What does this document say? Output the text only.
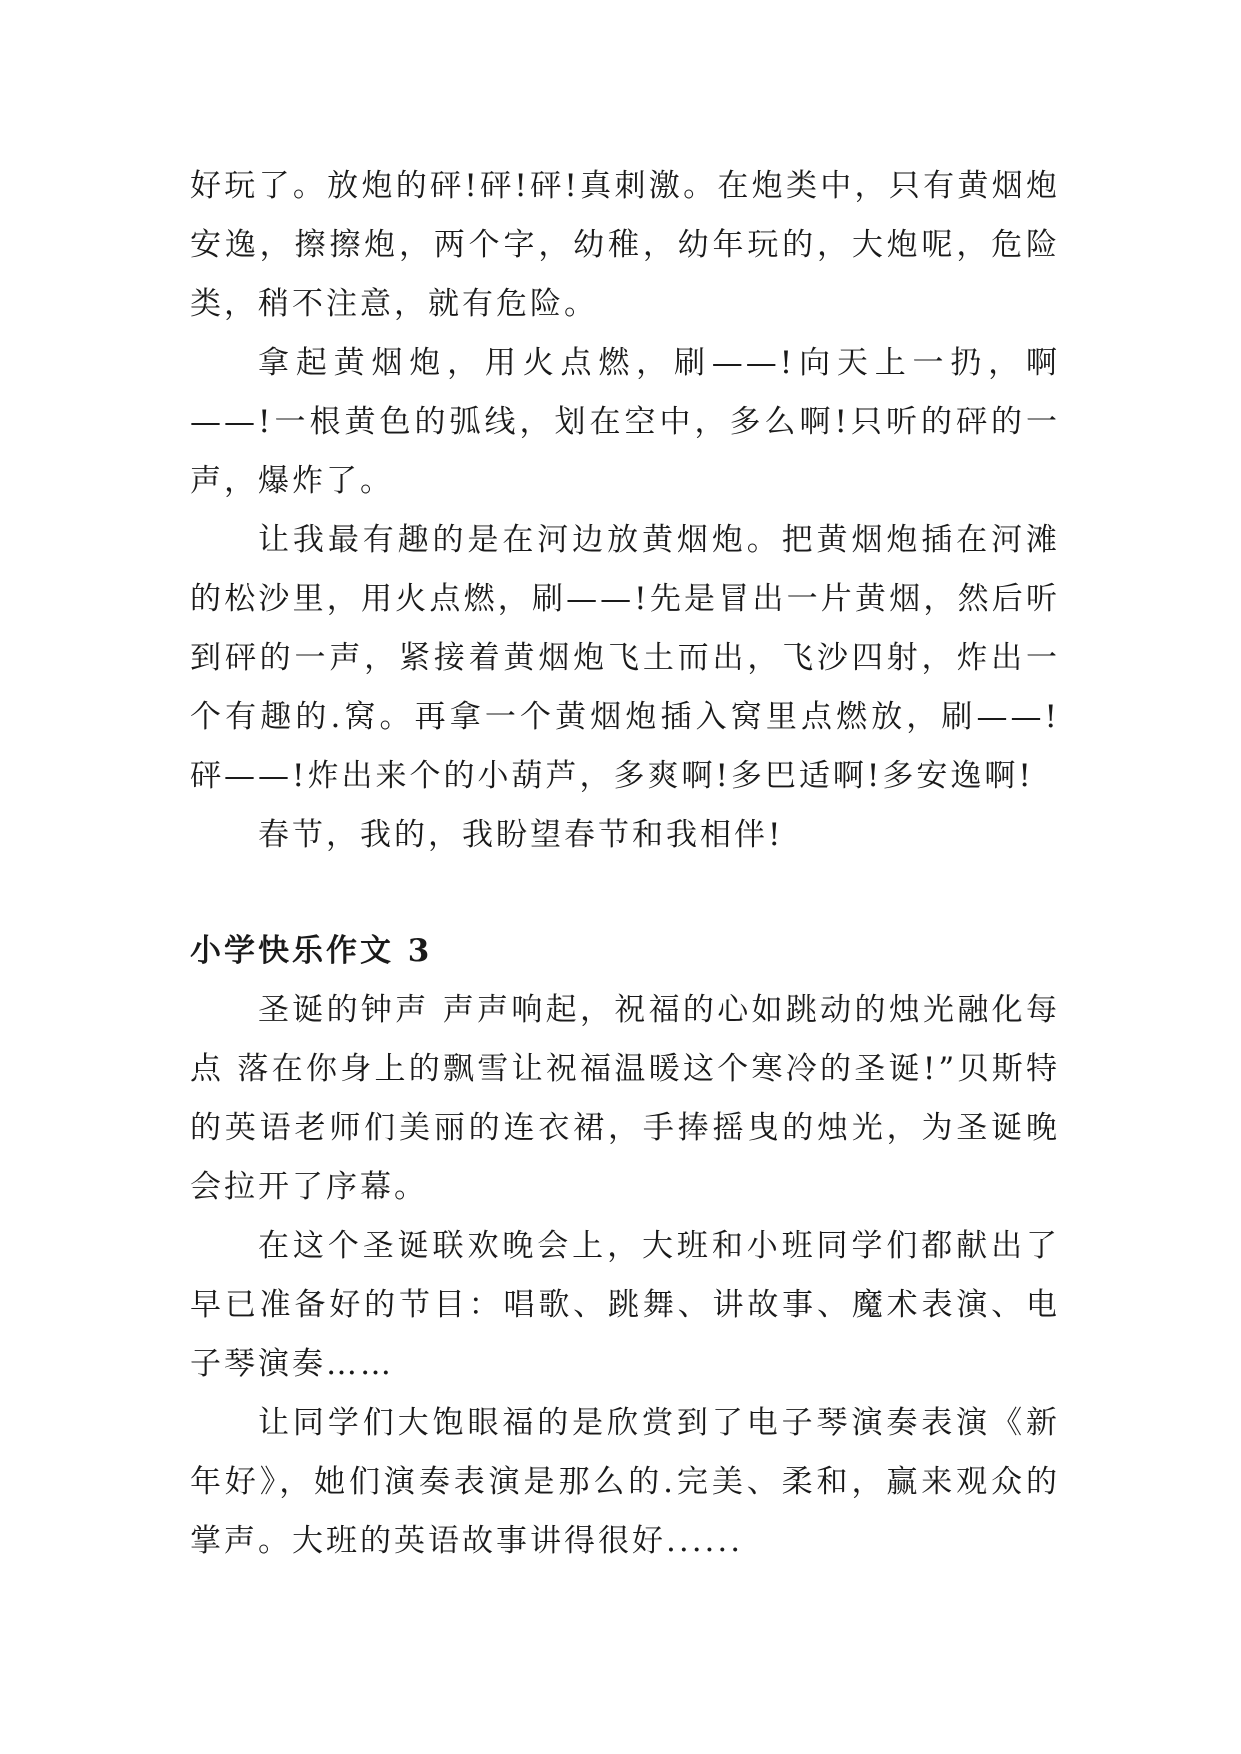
好玩了。放炮的砰!砰!砰!真刺激。在炮类中，只有黄烟炮安逸，擦擦炮，两个字，幼稚，幼年玩的，大炮呢，危险类，稍不注意，就有危险。

拿起黄烟炮，用火点燃，刷——!向天上一扔，啊——!一根黄色的弧线，划在空中，多么啊!只听的砰的一声，爆炸了。

让我最有趣的是在河边放黄烟炮。把黄烟炮插在河滩的松沙里，用火点燃，刷——!先是冒出一片黄烟，然后听到砰的一声，紧接着黄烟炮飞土而出，飞沙四射，炸出一个有趣的.窝。再拿一个黄烟炮插入窝里点燃放，刷——!砰——!炸出来个的小葫芦，多爽啊!多巴适啊!多安逸啊!

春节，我的，我盼望春节和我相伴!

小学快乐作文 3

圣诞的钟声 声声响起，祝福的心如跳动的烛光融化每点 落在你身上的飘雪让祝福温暖这个寒冷的圣诞!”贝斯特的英语老师们美丽的连衣裙，手捧摇曳的烛光，为圣诞晚会拉开了序幕。

在这个圣诞联欢晚会上，大班和小班同学们都献出了早已准备好的节目：唱歌、跳舞、讲故事、魔术表演、电子琴演奏……

让同学们大饱眼福的是欣赏到了电子琴演奏表演《新年好》，她们演奏表演是那么的.完美、柔和，赢来观众的掌声。大班的英语故事讲得很好......
